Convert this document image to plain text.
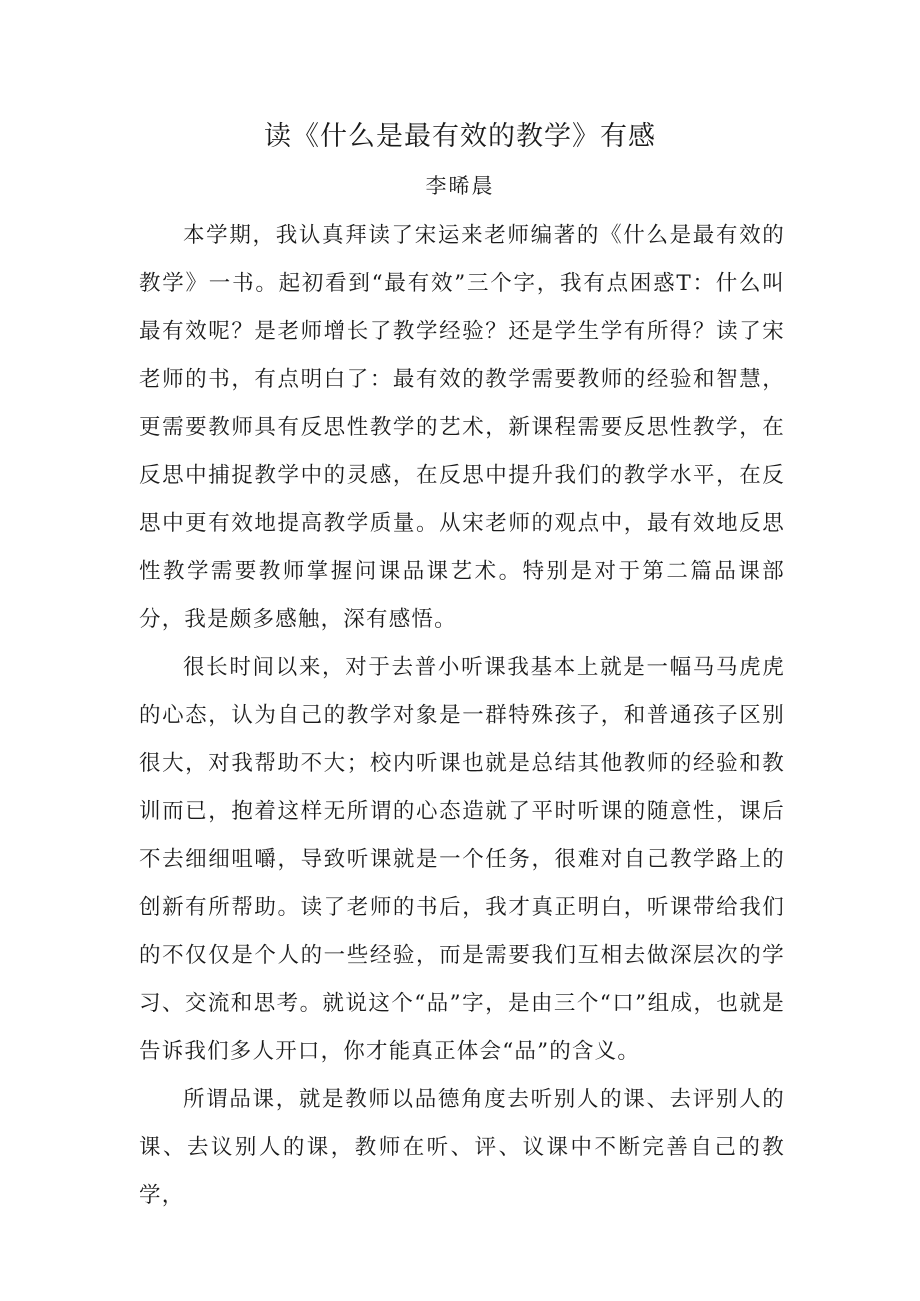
读《什么是最有效的教学》有感
李晞晨

本学期，我认真拜读了宋运来老师编著的《什么是最有效的教学》一书。起初看到“最有效”三个字，我有点困惑T：什么叫最有效呢？是老师增长了教学经验？还是学生学有所得？读了宋老师的书，有点明白了：最有效的教学需要教师的经验和智慧，更需要教师具有反思性教学的艺术，新课程需要反思性教学，在反思中捕捉教学中的灵感，在反思中提升我们的教学水平，在反思中更有效地提高教学质量。从宋老师的观点中，最有效地反思性教学需要教师掌握问课品课艺术。特别是对于第二篇品课部分，我是颇多感触，深有感悟。

很长时间以来，对于去普小听课我基本上就是一幅马马虎虎的心态，认为自己的教学对象是一群特殊孩子，和普通孩子区别很大，对我帮助不大；校内听课也就是总结其他教师的经验和教训而已，抱着这样无所谓的心态造就了平时听课的随意性，课后不去细细咀嚼，导致听课就是一个任务，很难对自己教学路上的创新有所帮助。读了老师的书后，我才真正明白，听课带给我们的不仅仅是个人的一些经验，而是需要我们互相去做深层次的学习、交流和思考。就说这个“品”字，是由三个“口”组成，也就是告诉我们多人开口，你才能真正体会“品”的含义。

所谓品课，就是教师以品德角度去听别人的课、去评别人的课、去议别人的课，教师在听、评、议课中不断完善自己的教学，
